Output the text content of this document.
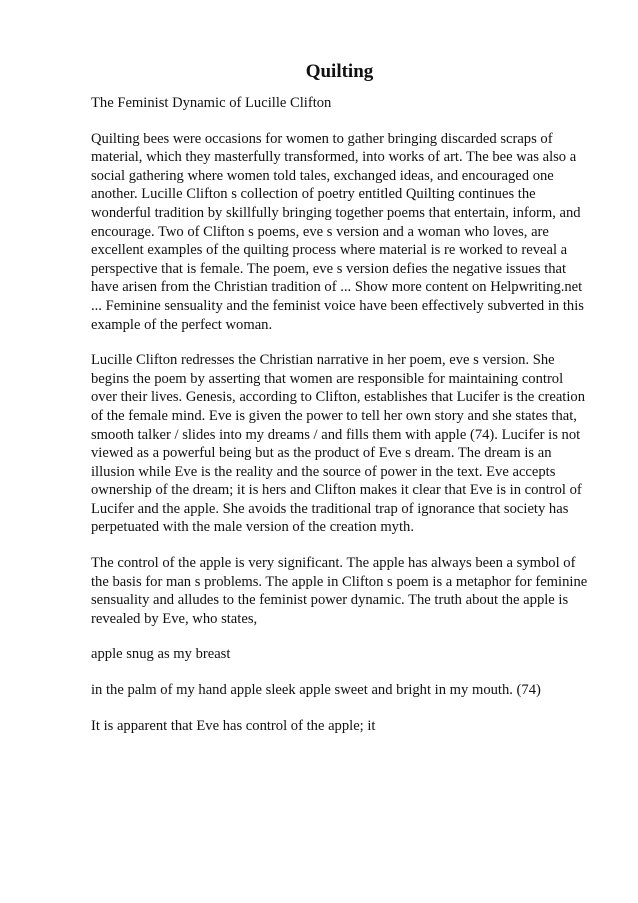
Quilting

The Feminist Dynamic of Lucille Clifton

Quilting bees were occasions for women to gather bringing discarded scraps of material, which they masterfully transformed, into works of art. The bee was also a social gathering where women told tales, exchanged ideas, and encouraged one another. Lucille Clifton s collection of poetry entitled Quilting continues the wonderful tradition by skillfully bringing together poems that entertain, inform, and encourage. Two of Clifton s poems, eve s version and a woman who loves, are excellent examples of the quilting process where material is re worked to reveal a perspective that is female. The poem, eve s version defies the negative issues that have arisen from the Christian tradition of ... Show more content on Helpwriting.net ... Feminine sensuality and the feminist voice have been effectively subverted in this example of the perfect woman.

Lucille Clifton redresses the Christian narrative in her poem, eve s version. She begins the poem by asserting that women are responsible for maintaining control over their lives. Genesis, according to Clifton, establishes that Lucifer is the creation of the female mind. Eve is given the power to tell her own story and she states that, smooth talker / slides into my dreams / and fills them with apple (74). Lucifer is not viewed as a powerful being but as the product of Eve s dream. The dream is an illusion while Eve is the reality and the source of power in the text. Eve accepts ownership of the dream; it is hers and Clifton makes it clear that Eve is in control of Lucifer and the apple. She avoids the traditional trap of ignorance that society has perpetuated with the male version of the creation myth.

The control of the apple is very significant. The apple has always been a symbol of the basis for man s problems. The apple in Clifton s poem is a metaphor for feminine sensuality and alludes to the feminist power dynamic. The truth about the apple is revealed by Eve, who states,

apple snug as my breast

in the palm of my hand apple sleek apple sweet and bright in my mouth. (74)

It is apparent that Eve has control of the apple; it
